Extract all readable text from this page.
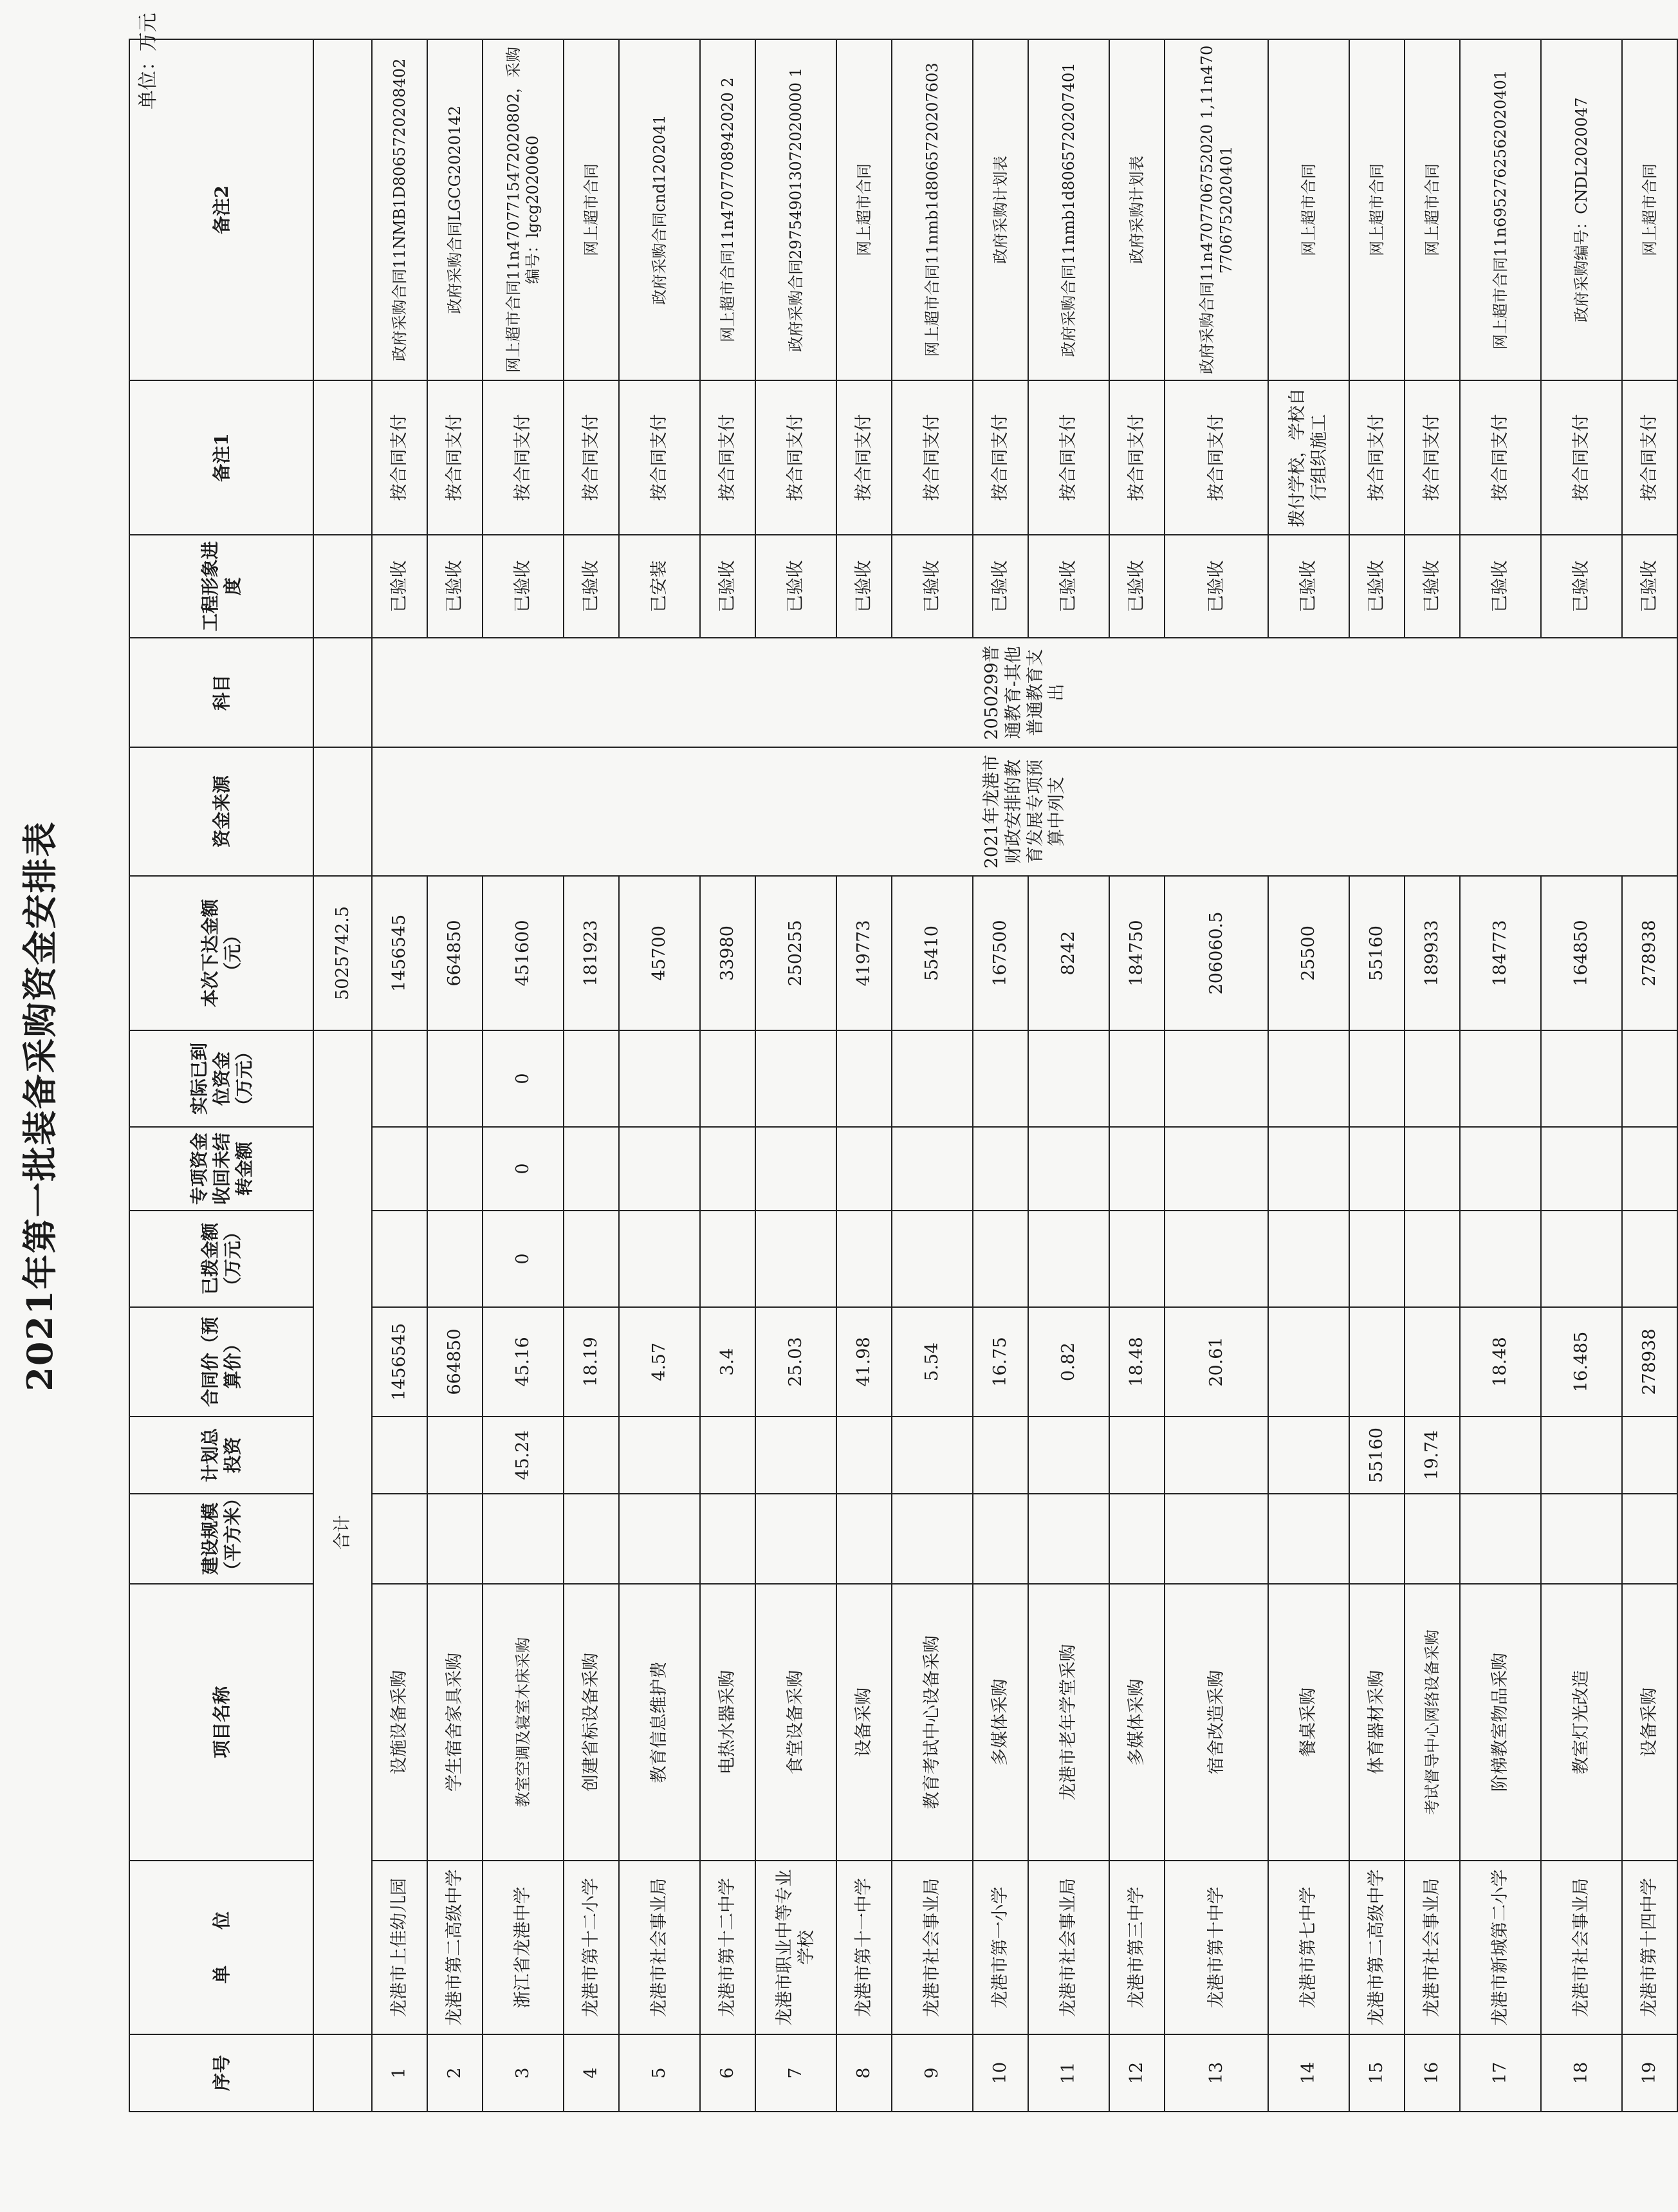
2021年第一批装备采购资金安排表
单位：万元
序号	单　　位	项目名称	建设规模（平方米）	计划总投资	合同价（预算价）	已拨金额（万元）	专项资金收回未结转金额	实际已到位资金（万元）	本次下达金额（元）	资金来源	科目	工程形象进度	备注1	备注2
	合计								5025742.5					
1	龙港市上佳幼儿园	设施设备采购			1456545				1456545	2021年龙港市财政安排的教育发展专项预算中列支	2050299普通教育-其他普通教育支出	已验收	按合同支付	政府采购合同11NMB1D8065720208402
2	龙港市第二高级中学	学生宿舍家具采购			664850				664850			已验收	按合同支付	政府采购合同LGCG2020142
3	浙江省龙港中学	教室空调及寝室木床采购		45.24	45.16	0	0	0	451600			已验收	按合同支付	网上超市合同11n4707715472020802，采购编号：lgcg2020060
4	龙港市第十二小学	创建省标设备采购			18.19				181923			已验收	按合同支付	网上超市合同
5	龙港市社会事业局	教育信息维护费			4.57				45700			已安装	按合同支付	政府采购合同cnd1202041
6	龙港市第十二中学	电热水器采购			3.4				33980			已验收	按合同支付	网上超市合同11n4707708942020 2
7	龙港市职业中等专业学校	食堂设备采购			25.03				250255			已验收	按合同支付	政府采购合同297549013072020000 1
8	龙港市第十一中学	设备采购			41.98				419773			已验收	按合同支付	网上超市合同
9	龙港市社会事业局	教育考试中心设备采购			5.54				55410			已验收	按合同支付	网上超市合同11nmb1d8065720207603
10	龙港市第一小学	多媒体采购			16.75				167500			已验收	按合同支付	政府采购计划表
11	龙港市社会事业局	龙港市老年学堂采购			0.82				8242			已验收	按合同支付	政府采购合同11nmb1d8065720207401
12	龙港市第三中学	多媒体采购			18.48				184750			已验收	按合同支付	政府采购计划表
13	龙港市第十中学	宿舍改造采购			20.61				206060.5			已验收	按合同支付	政府采购合同11n4707706752020 1,11n4707706752020401
14	龙港市第七中学	餐桌采购							25500			已验收	拨付学校，学校自行组织施工	网上超市合同
15	龙港市第二高级中学	体育器材采购		55160					55160			已验收	按合同支付	网上超市合同
16	龙港市社会事业局	考试督导中心网络设备采购		19.74					189933			已验收	按合同支付	网上超市合同
17	龙港市新城第二小学	阶梯教室物品采购			18.48				184773			已验收	按合同支付	网上超市合同11n6952762562020401
18	龙港市社会事业局	教室灯光改造			16.485				164850			已验收	按合同支付	政府采购编号：CNDL2020047
19	龙港市第十四中学	设备采购			278938				278938			已验收	按合同支付	网上超市合同
